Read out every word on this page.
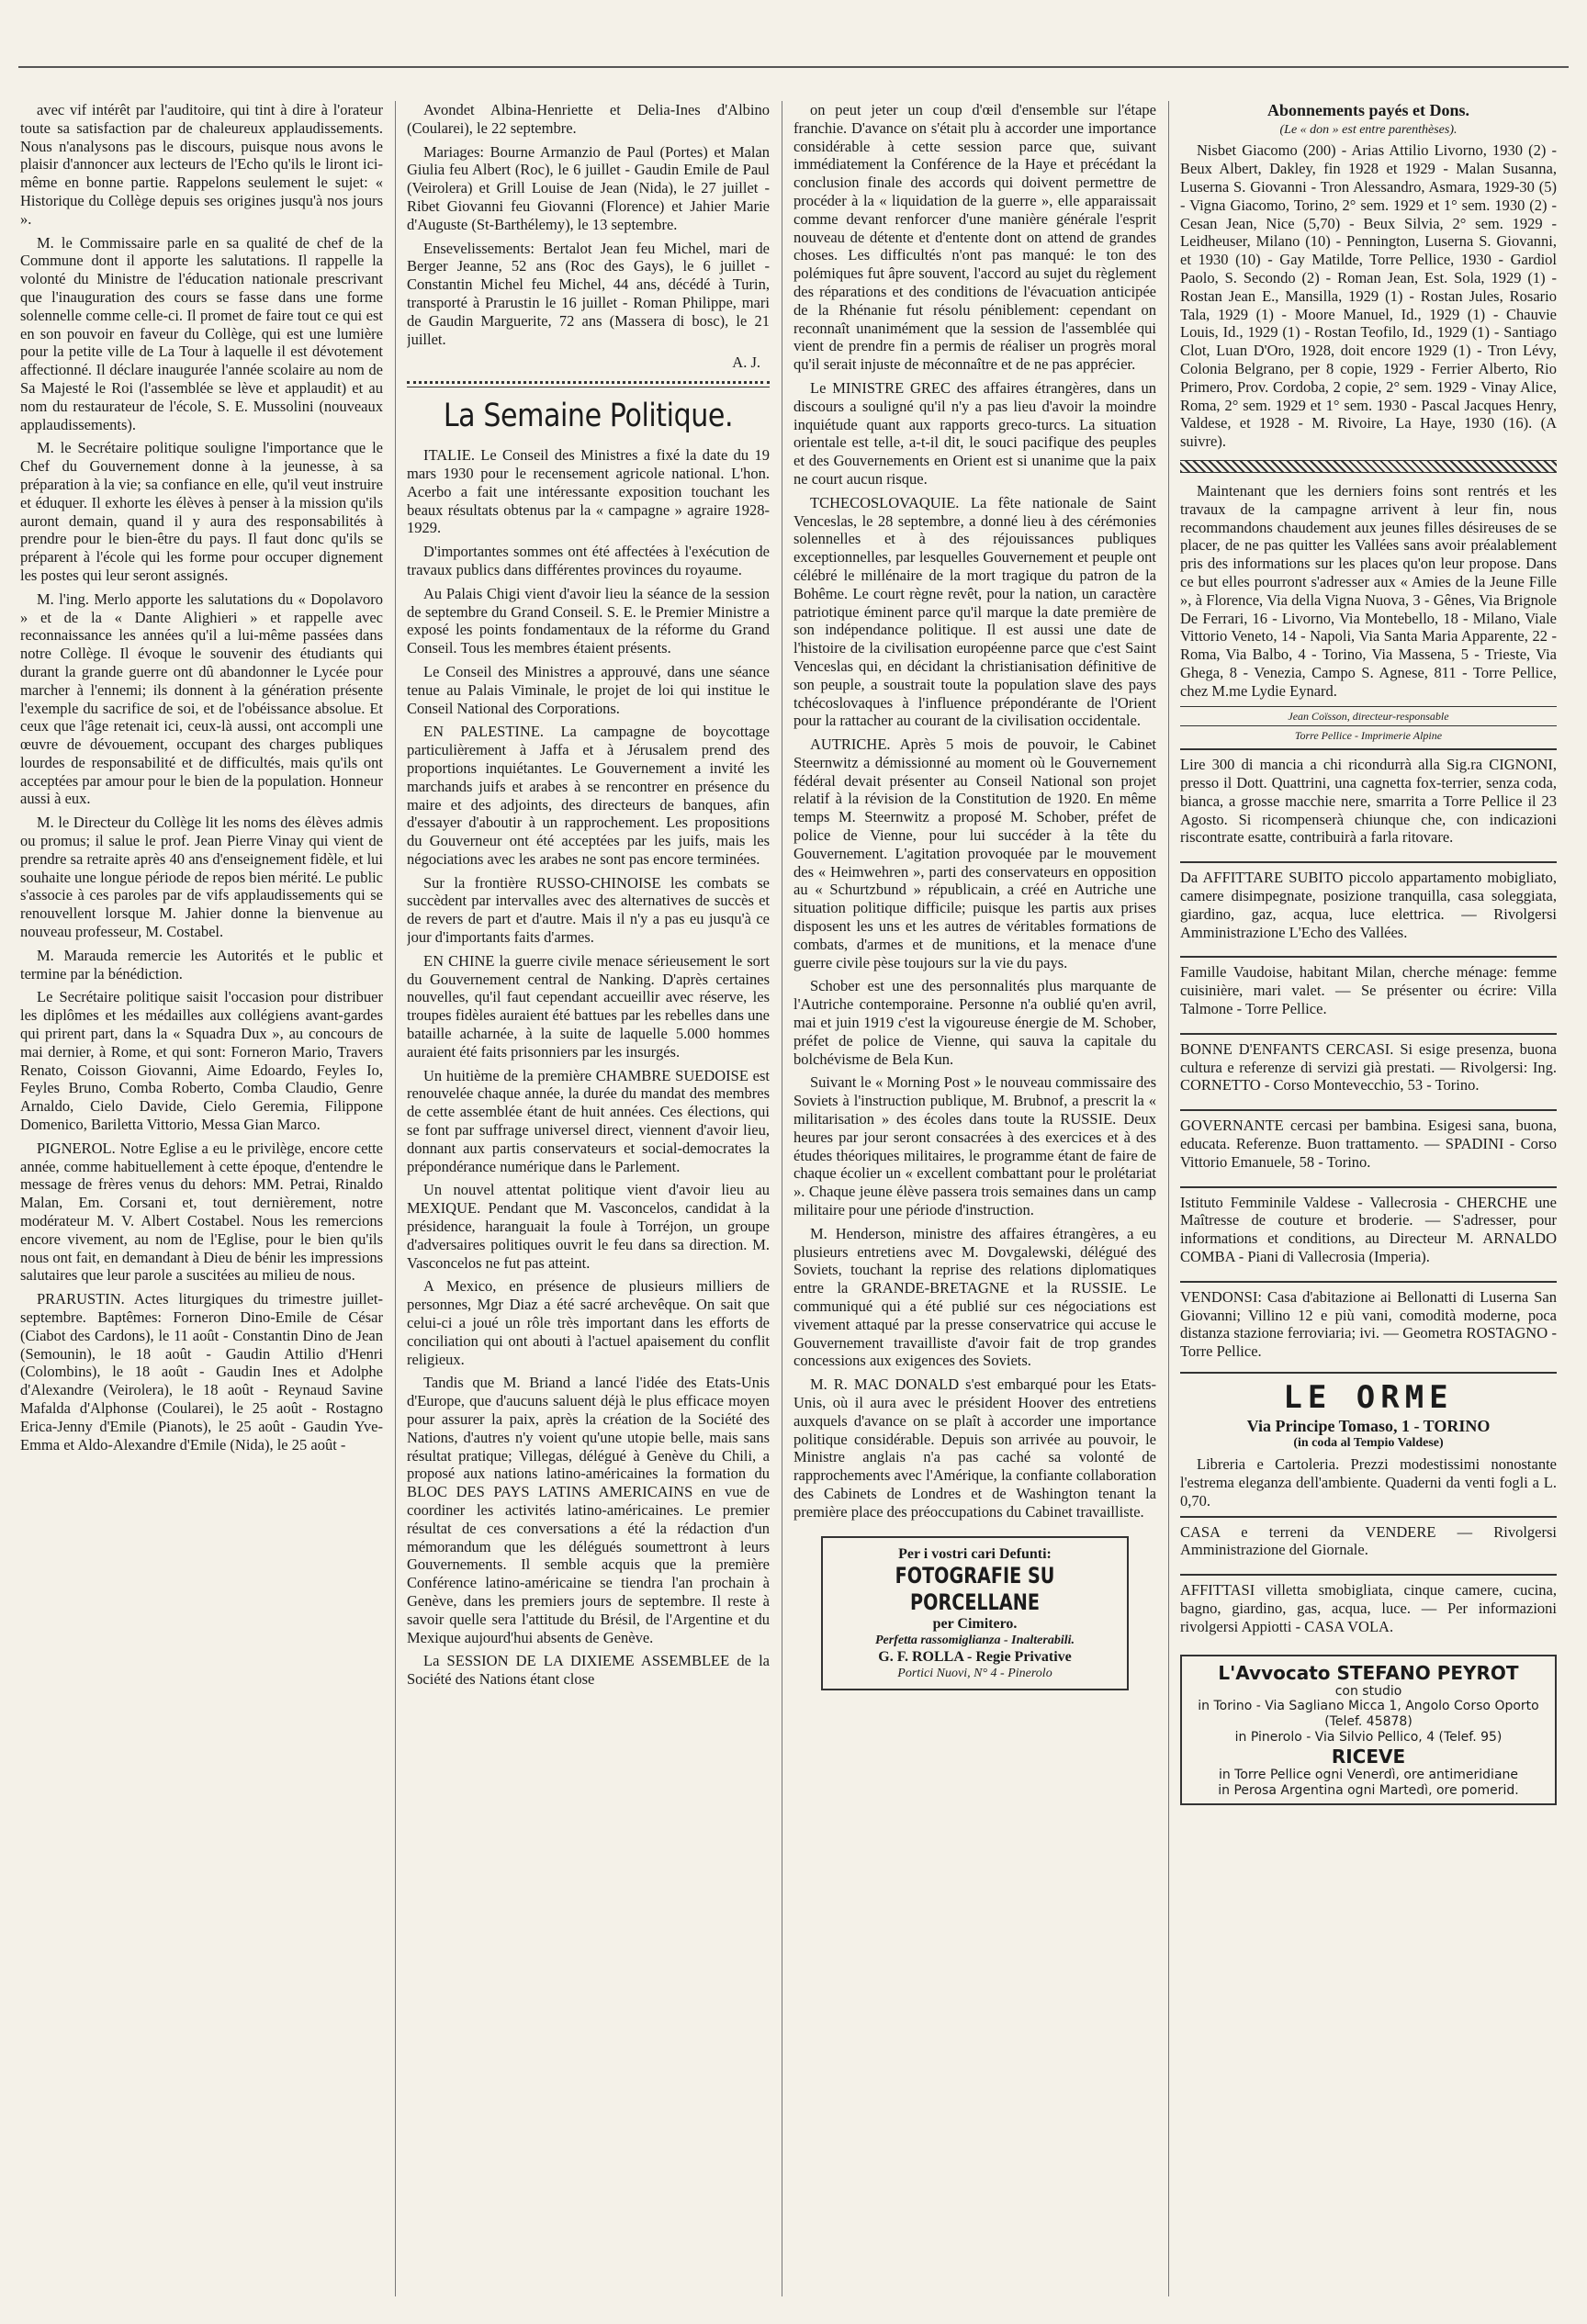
avec vif intérêt par l'auditoire, qui tint à dire à l'orateur toute sa satisfaction par de chaleureux applaudissements. Nous n'analysons pas le discours, puisque nous avons le plaisir d'annoncer aux lecteurs de l'Echo qu'ils le liront ici-même en bonne partie. Rappelons seulement le sujet: « Historique du Collège depuis ses origines jusqu'à nos jours ».

M. le Commissaire parle en sa qualité de chef de la Commune dont il apporte les salutations. Il rappelle la volonté du Ministre de l'éducation nationale prescrivant que l'inauguration des cours se fasse dans une forme solennelle comme celle-ci. Il promet de faire tout ce qui est en son pouvoir en faveur du Collège, qui est une lumière pour la petite ville de La Tour à laquelle il est dévotement affectionné. Il déclare inaugurée l'année scolaire au nom de Sa Majesté le Roi (l'assemblée se lève et applaudit) et au nom du restaurateur de l'école, S. E. Mussolini (nouveaux applaudissements).

M. le Secrétaire politique souligne l'importance que le Chef du Gouvernement donne à la jeunesse, à sa préparation à la vie; sa confiance en elle, qu'il veut instruire et éduquer. Il exhorte les élèves à penser à la mission qu'ils auront demain, quand il y aura des responsabilités à prendre pour le bien-être du pays. Il faut donc qu'ils se préparent à l'école qui les forme pour occuper dignement les postes qui leur seront assignés.

M. l'ing. Merlo apporte les salutations du « Dopolavoro » et de la « Dante Alighieri » et rappelle avec reconnaissance les années qu'il a lui-même passées dans notre Collège. Il évoque le souvenir des étudiants qui durant la grande guerre ont dû abandonner le Lycée pour marcher à l'ennemi; ils donnent à la génération présente l'exemple du sacrifice de soi, et de l'obéissance absolue. Et ceux que l'âge retenait ici, ceux-là aussi, ont accompli une œuvre de dévouement, occupant des charges publiques lourdes de responsabilité et de difficultés, mais qu'ils ont acceptées par amour pour le bien de la population. Honneur aussi à eux.

M. le Directeur du Collège lit les noms des élèves admis ou promus; il salue le prof. Jean Pierre Vinay qui vient de prendre sa retraite après 40 ans d'enseignement fidèle, et lui souhaite une longue période de repos bien mérité. Le public s'associe à ces paroles par de vifs applaudissements qui se renouvellent lorsque M. Jahier donne la bienvenue au nouveau professeur, M. Costabel.

M. Marauda remercie les Autorités et le public et termine par la bénédiction.

Le Secrétaire politique saisit l'occasion pour distribuer les diplômes et les médailles aux collégiens avant-gardes qui prirent part, dans la « Squadra Dux », au concours de mai dernier, à Rome, et qui sont: Forneron Mario, Travers Renato, Coisson Giovanni, Aime Edoardo, Feyles Io, Feyles Bruno, Comba Roberto, Comba Claudio, Genre Arnaldo, Cielo Davide, Cielo Geremia, Filippone Domenico, Bariletta Vittorio, Messa Gian Marco.

PIGNEROL. Notre Eglise a eu le privilège, encore cette année, comme habituellement à cette époque, d'entendre le message de frères venus du dehors: MM. Petrai, Rinaldo Malan, Em. Corsani et, tout dernièrement, notre modérateur M. V. Albert Costabel. Nous les remercions encore vivement, au nom de l'Eglise, pour le bien qu'ils nous ont fait, en demandant à Dieu de bénir les impressions salutaires que leur parole a suscitées au milieu de nous.

PRARUSTIN. Actes liturgiques du trimestre juillet-septembre. Baptêmes: Forneron Dino-Emile de César (Ciabot des Cardons), le 11 août - Constantin Dino de Jean (Semounin), le 18 août - Gaudin Attilio d'Henri (Colombins), le 18 août - Gaudin Ines et Adolphe d'Alexandre (Veirolera), le 18 août - Reynaud Savine Mafalda d'Alphonse (Coularei), le 25 août - Rostagno Erica-Jenny d'Emile (Pianots), le 25 août - Gaudin Yve-Emma et Aldo-Alexandre d'Emile (Nida), le 25 août -

Avondet Albina-Henriette et Delia-Ines d'Albino (Coularei), le 22 septembre.

Mariages: Bourne Armanzio de Paul (Portes) et Malan Giulia feu Albert (Roc), le 6 juillet - Gaudin Emile de Paul (Veirolera) et Grill Louise de Jean (Nida), le 27 juillet - Ribet Giovanni feu Giovanni (Florence) et Jahier Marie d'Auguste (St-Barthélemy), le 13 septembre.

Ensevelissements: Bertalot Jean feu Michel, mari de Berger Jeanne, 52 ans (Roc des Gays), le 6 juillet - Constantin Michel feu Michel, 44 ans, décédé à Turin, transporté à Prarustin le 16 juillet - Roman Philippe, mari de Gaudin Marguerite, 72 ans (Massera di bosc), le 21 juillet.

A. J.
La Semaine Politique.

ITALIE. Le Conseil des Ministres a fixé la date du 19 mars 1930 pour le recensement agricole national. L'hon. Acerbo a fait une intéressante exposition touchant les beaux résultats obtenus par la « campagne » agraire 1928-1929.

D'importantes sommes ont été affectées à l'exécution de travaux publics dans différentes provinces du royaume.

Au Palais Chigi vient d'avoir lieu la séance de la session de septembre du Grand Conseil. S. E. le Premier Ministre a exposé les points fondamentaux de la réforme du Grand Conseil. Tous les membres étaient présents.

Le Conseil des Ministres a approuvé, dans une séance tenue au Palais Viminale, le projet de loi qui institue le Conseil National des Corporations.

EN PALESTINE. La campagne de boycottage particulièrement à Jaffa et à Jérusalem prend des proportions inquiétantes. Le Gouvernement a invité les marchands juifs et arabes à se rencontrer en présence du maire et des adjoints, des directeurs de banques, afin d'essayer d'aboutir à un rapprochement. Les propositions du Gouverneur ont été acceptées par les juifs, mais les négociations avec les arabes ne sont pas encore terminées.

Sur la frontière RUSSO-CHINOISE les combats se succèdent par intervalles avec des alternatives de succès et de revers de part et d'autre. Mais il n'y a pas eu jusqu'à ce jour d'importants faits d'armes.

EN CHINE la guerre civile menace sérieusement le sort du Gouvernement central de Nanking. D'après certaines nouvelles, qu'il faut cependant accueillir avec réserve, les troupes fidèles auraient été battues par les rebelles dans une bataille acharnée, à la suite de laquelle 5.000 hommes auraient été faits prisonniers par les insurgés.

Un huitième de la première CHAMBRE SUEDOISE est renouvelée chaque année, la durée du mandat des membres de cette assemblée étant de huit années. Ces élections, qui se font par suffrage universel direct, viennent d'avoir lieu, donnant aux partis conservateurs et social-democrates la prépondérance numérique dans le Parlement.

Un nouvel attentat politique vient d'avoir lieu au MEXIQUE. Pendant que M. Vasconcelos, candidat à la présidence, haranguait la foule à Torréjon, un groupe d'adversaires politiques ouvrit le feu dans sa direction. M. Vasconcelos ne fut pas atteint.

A Mexico, en présence de plusieurs milliers de personnes, Mgr Diaz a été sacré archevêque. On sait que celui-ci a joué un rôle très important dans les efforts de conciliation qui ont abouti à l'actuel apaisement du conflit religieux.

Tandis que M. Briand a lancé l'idée des Etats-Unis d'Europe, que d'aucuns saluent déjà le plus efficace moyen pour assurer la paix, après la création de la Société des Nations, d'autres n'y voient qu'une utopie belle, mais sans résultat pratique; Villegas, délégué à Genève du Chili, a proposé aux nations latino-américaines la formation du BLOC DES PAYS LATINS AMERICAINS en vue de coordiner les activités latino-américaines. Le premier résultat de ces conversations a été la rédaction d'un mémorandum que les délégués soumettront à leurs Gouvernements. Il semble acquis que la première Conférence latino-américaine se tiendra l'an prochain à Genève, dans les premiers jours de septembre. Il reste à savoir quelle sera l'attitude du Brésil, de l'Argentine et du Mexique aujourd'hui absents de Genève.

La SESSION DE LA DIXIEME ASSEMBLEE de la Société des Nations étant close

on peut jeter un coup d'œil d'ensemble sur l'étape franchie. D'avance on s'était plu à accorder une importance considérable à cette session parce que, suivant immédiatement la Conférence de la Haye et précédant la conclusion finale des accords qui doivent permettre de procéder à la « liquidation de la guerre », elle apparaissait comme devant renforcer d'une manière générale l'esprit nouveau de détente et d'entente dont on attend de grandes choses. Les difficultés n'ont pas manqué: le ton des polémiques fut âpre souvent, l'accord au sujet du règlement des réparations et des conditions de l'évacuation anticipée de la Rhénanie fut résolu péniblement: cependant on reconnaît unanimément que la session de l'assemblée qui vient de prendre fin a permis de réaliser un progrès moral qu'il serait injuste de méconnaître et de ne pas apprécier.

Le MINISTRE GREC des affaires étrangères, dans un discours a souligné qu'il n'y a pas lieu d'avoir la moindre inquiétude quant aux rapports greco-turcs. La situation orientale est telle, a-t-il dit, le souci pacifique des peuples et des Gouvernements en Orient est si unanime que la paix ne court aucun risque.

TCHECOSLOVAQUIE. La fête nationale de Saint Venceslas, le 28 septembre, a donné lieu à des cérémonies solennelles et à des réjouissances publiques exceptionnelles, par lesquelles Gouvernement et peuple ont célébré le millénaire de la mort tragique du patron de la Bohême. Le court règne revêt, pour la nation, un caractère patriotique éminent parce qu'il marque la date première de son indépendance politique. Il est aussi une date de l'histoire de la civilisation européenne parce que c'est Saint Venceslas qui, en décidant la christianisation définitive de son peuple, a soustrait toute la population slave des pays tchécoslovaques à l'influence prépondérante de l'Orient pour la rattacher au courant de la civilisation occidentale.

AUTRICHE. Après 5 mois de pouvoir, le Cabinet Steernwitz a démissionné au moment où le Gouvernement fédéral devait présenter au Conseil National son projet relatif à la révision de la Constitution de 1920. En même temps M. Steernwitz a proposé M. Schober, préfet de police de Vienne, pour lui succéder à la tête du Gouvernement. L'agitation provoquée par le mouvement des « Heimwehren », parti des conservateurs en opposition au « Schurtzbund » républicain, a créé en Autriche une situation politique difficile; puisque les partis aux prises disposent les uns et les autres de véritables formations de combats, d'armes et de munitions, et la menace d'une guerre civile pèse toujours sur la vie du pays.

Schober est une des personnalités plus marquante de l'Autriche contemporaine. Personne n'a oublié qu'en avril, mai et juin 1919 c'est la vigoureuse énergie de M. Schober, préfet de police de Vienne, qui sauva la capitale du bolchévisme de Bela Kun.

Suivant le « Morning Post » le nouveau commissaire des Soviets à l'instruction publique, M. Brubnof, a prescrit la « militarisation » des écoles dans toute la RUSSIE. Deux heures par jour seront consacrées à des exercices et à des études théoriques militaires, le programme étant de faire de chaque écolier un « excellent combattant pour le prolétariat ». Chaque jeune élève passera trois semaines dans un camp militaire pour une période d'instruction.

M. Henderson, ministre des affaires étrangères, a eu plusieurs entretiens avec M. Dovgalewski, délégué des Soviets, touchant la reprise des relations diplomatiques entre la GRANDE-BRETAGNE et la RUSSIE. Le communiqué qui a été publié sur ces négociations est vivement attaqué par la presse conservatrice qui accuse le Gouvernement travailliste d'avoir fait de trop grandes concessions aux exigences des Soviets.

M. R. MAC DONALD s'est embarqué pour les Etats-Unis, où il aura avec le président Hoover des entretiens auxquels d'avance on se plaît à accorder une importance politique considérable. Depuis son arrivée au pouvoir, le Ministre anglais n'a pas caché sa volonté de rapprochements avec l'Amérique, la confiante collaboration des Cabinets de Londres et de Washington tenant la première place des préoccupations du Cabinet travailliste.

Per i vostri cari Defunti:
FOTOGRAFIE SU PORCELLANE
per Cimitero.
Perfetta rassomiglianza - Inalterabili.
G. F. ROLLA - Regie Privative
Portici Nuovi, N° 4 - Pinerolo
Abonnements payés et Dons.
(Le « don » est entre parenthèses).

Nisbet Giacomo (200) - Arias Attilio Livorno, 1930 (2) - Beux Albert, Dakley, fin 1928 et 1929 - Malan Susanna, Luserna S. Giovanni - Tron Alessandro, Asmara, 1929-30 (5) - Vigna Giacomo, Torino, 2° sem. 1929 et 1° sem. 1930 (2) - Cesan Jean, Nice (5,70) - Beux Silvia, 2° sem. 1929 - Leidheuser, Milano (10) - Pennington, Luserna S. Giovanni, et 1930 (10) - Gay Matilde, Torre Pellice, 1930 - Gardiol Paolo, S. Secondo (2) - Roman Jean, Est. Sola, 1929 (1) - Rostan Jean E., Mansilla, 1929 (1) - Rostan Jules, Rosario Tala, 1929 (1) - Moore Manuel, Id., 1929 (1) - Chauvie Louis, Id., 1929 (1) - Rostan Teofilo, Id., 1929 (1) - Santiago Clot, Luan D'Oro, 1928, doit encore 1929 (1) - Tron Lévy, Colonia Belgrano, per 8 copie, 1929 - Ferrier Alberto, Rio Primero, Prov. Cordoba, 2 copie, 2° sem. 1929 - Vinay Alice, Roma, 2° sem. 1929 et 1° sem. 1930 - Pascal Jacques Henry, Valdese, et 1928 - M. Rivoire, La Haye, 1930 (16). (A suivre).

Maintenant que les derniers foins sont rentrés et les travaux de la campagne arrivent à leur fin, nous recommandons chaudement aux jeunes filles désireuses de se placer, de ne pas quitter les Vallées sans avoir préalablement pris des informations sur les places qu'on leur propose. Dans ce but elles pourront s'adresser aux « Amies de la Jeune Fille », à Florence, Via della Vigna Nuova, 3 - Gênes, Via Brignole De Ferrari, 16 - Livorno, Via Montebello, 18 - Milano, Viale Vittorio Veneto, 14 - Napoli, Via Santa Maria Apparente, 22 - Roma, Via Balbo, 4 - Torino, Via Massena, 5 - Trieste, Via Ghega, 8 - Venezia, Campo S. Agnese, 811 - Torre Pellice, chez M.me Lydie Eynard.

Jean Coïsson, directeur-responsable
Torre Pellice - Imprimerie Alpine

Lire 300 di mancia a chi ricondurrà alla Sig.ra CIGNONI, presso il Dott. Quattrini, una cagnetta fox-terrier, senza coda, bianca, a grosse macchie nere, smarrita a Torre Pellice il 23 Agosto. Si ricompenserà chiunque che, con indicazioni riscontrate esatte, contribuirà a farla ritovare.

Da AFFITTARE SUBITO piccolo appartamento mobigliato, camere disimpegnate, posizione tranquilla, casa soleggiata, giardino, gaz, acqua, luce elettrica. — Rivolgersi Amministrazione L'Echo des Vallées.

Famille Vaudoise, habitant Milan, cherche ménage: femme cuisinière, mari valet. — Se présenter ou écrire: Villa Talmone - Torre Pellice.

BONNE D'ENFANTS CERCASI. Si esige presenza, buona cultura e referenze di servizi già prestati. — Rivolgersi: Ing. CORNETTO - Corso Montevecchio, 53 - Torino.

GOVERNANTE cercasi per bambina. Esigesi sana, buona, educata. Referenze. Buon trattamento. — SPADINI - Corso Vittorio Emanuele, 58 - Torino.

Istituto Femminile Valdese - Vallecrosia - CHERCHE une Maîtresse de couture et broderie. — S'adresser, pour informations et conditions, au Directeur M. ARNALDO COMBA - Piani di Vallecrosia (Imperia).

VENDONSI: Casa d'abitazione ai Bellonatti di Luserna San Giovanni; Villino 12 e più vani, comodità moderne, poca distanza stazione ferroviaria; ivi. — Geometra ROSTAGNO - Torre Pellice.

LE ORME
Via Principe Tomaso, 1 - TORINO
(in coda al Tempio Valdese)

Libreria e Cartoleria. Prezzi modestissimi nonostante l'estrema eleganza dell'ambiente. Quaderni da venti fogli a L. 0,70.

CASA e terreni da VENDERE — Rivolgersi Amministrazione del Giornale.

AFFITTASI villetta smobigliata, cinque camere, cucina, bagno, giardino, gas, acqua, luce. — Per informazioni rivolgersi Appiotti - CASA VOLA.

L'Avvocato STEFANO PEYROT
con studio
in Torino - Via Sagliano Micca 1, Angolo Corso Oporto (Telef. 45878)
in Pinerolo - Via Silvio Pellico, 4 (Telef. 95)
RICEVE
in Torre Pellice ogni Venerdì, ore antimeridiane
in Perosa Argentina ogni Martedì, ore pomerid.
